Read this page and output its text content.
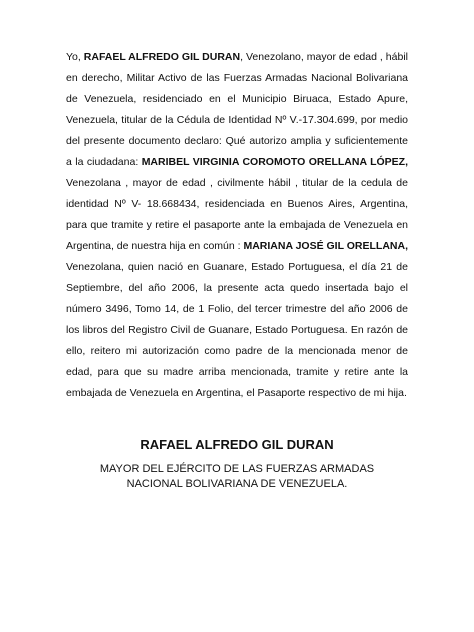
Yo, RAFAEL ALFREDO GIL DURAN, Venezolano, mayor de edad , hábil en derecho, Militar Activo de las Fuerzas Armadas Nacional Bolivariana de Venezuela, residenciado en el Municipio Biruaca, Estado Apure, Venezuela, titular de la Cédula de Identidad Nº V.-17.304.699, por medio del presente documento declaro: Qué autorizo amplia y suficientemente a la ciudadana: MARIBEL VIRGINIA COROMOTO ORELLANA LÓPEZ, Venezolana , mayor de edad , civilmente hábil , titular de la cedula de identidad Nº V- 18.668434, residenciada en Buenos Aires, Argentina, para que tramite y retire el pasaporte ante la embajada de Venezuela en Argentina, de nuestra hija en común : MARIANA JOSÉ GIL ORELLANA, Venezolana, quien nació en Guanare, Estado Portuguesa, el día 21 de Septiembre, del año 2006, la presente acta quedo insertada bajo el número 3496, Tomo 14, de 1 Folio, del tercer trimestre del año 2006 de los libros del Registro Civil de Guanare, Estado Portuguesa. En razón de ello, reitero mi autorización como padre de la mencionada menor de edad, para que su madre arriba mencionada, tramite y retire ante la embajada de Venezuela en Argentina, el Pasaporte respectivo de mi hija.

RAFAEL ALFREDO GIL DURAN

MAYOR DEL EJÉRCITO DE LAS FUERZAS ARMADAS

NACIONAL BOLIVARIANA DE VENEZUELA.
